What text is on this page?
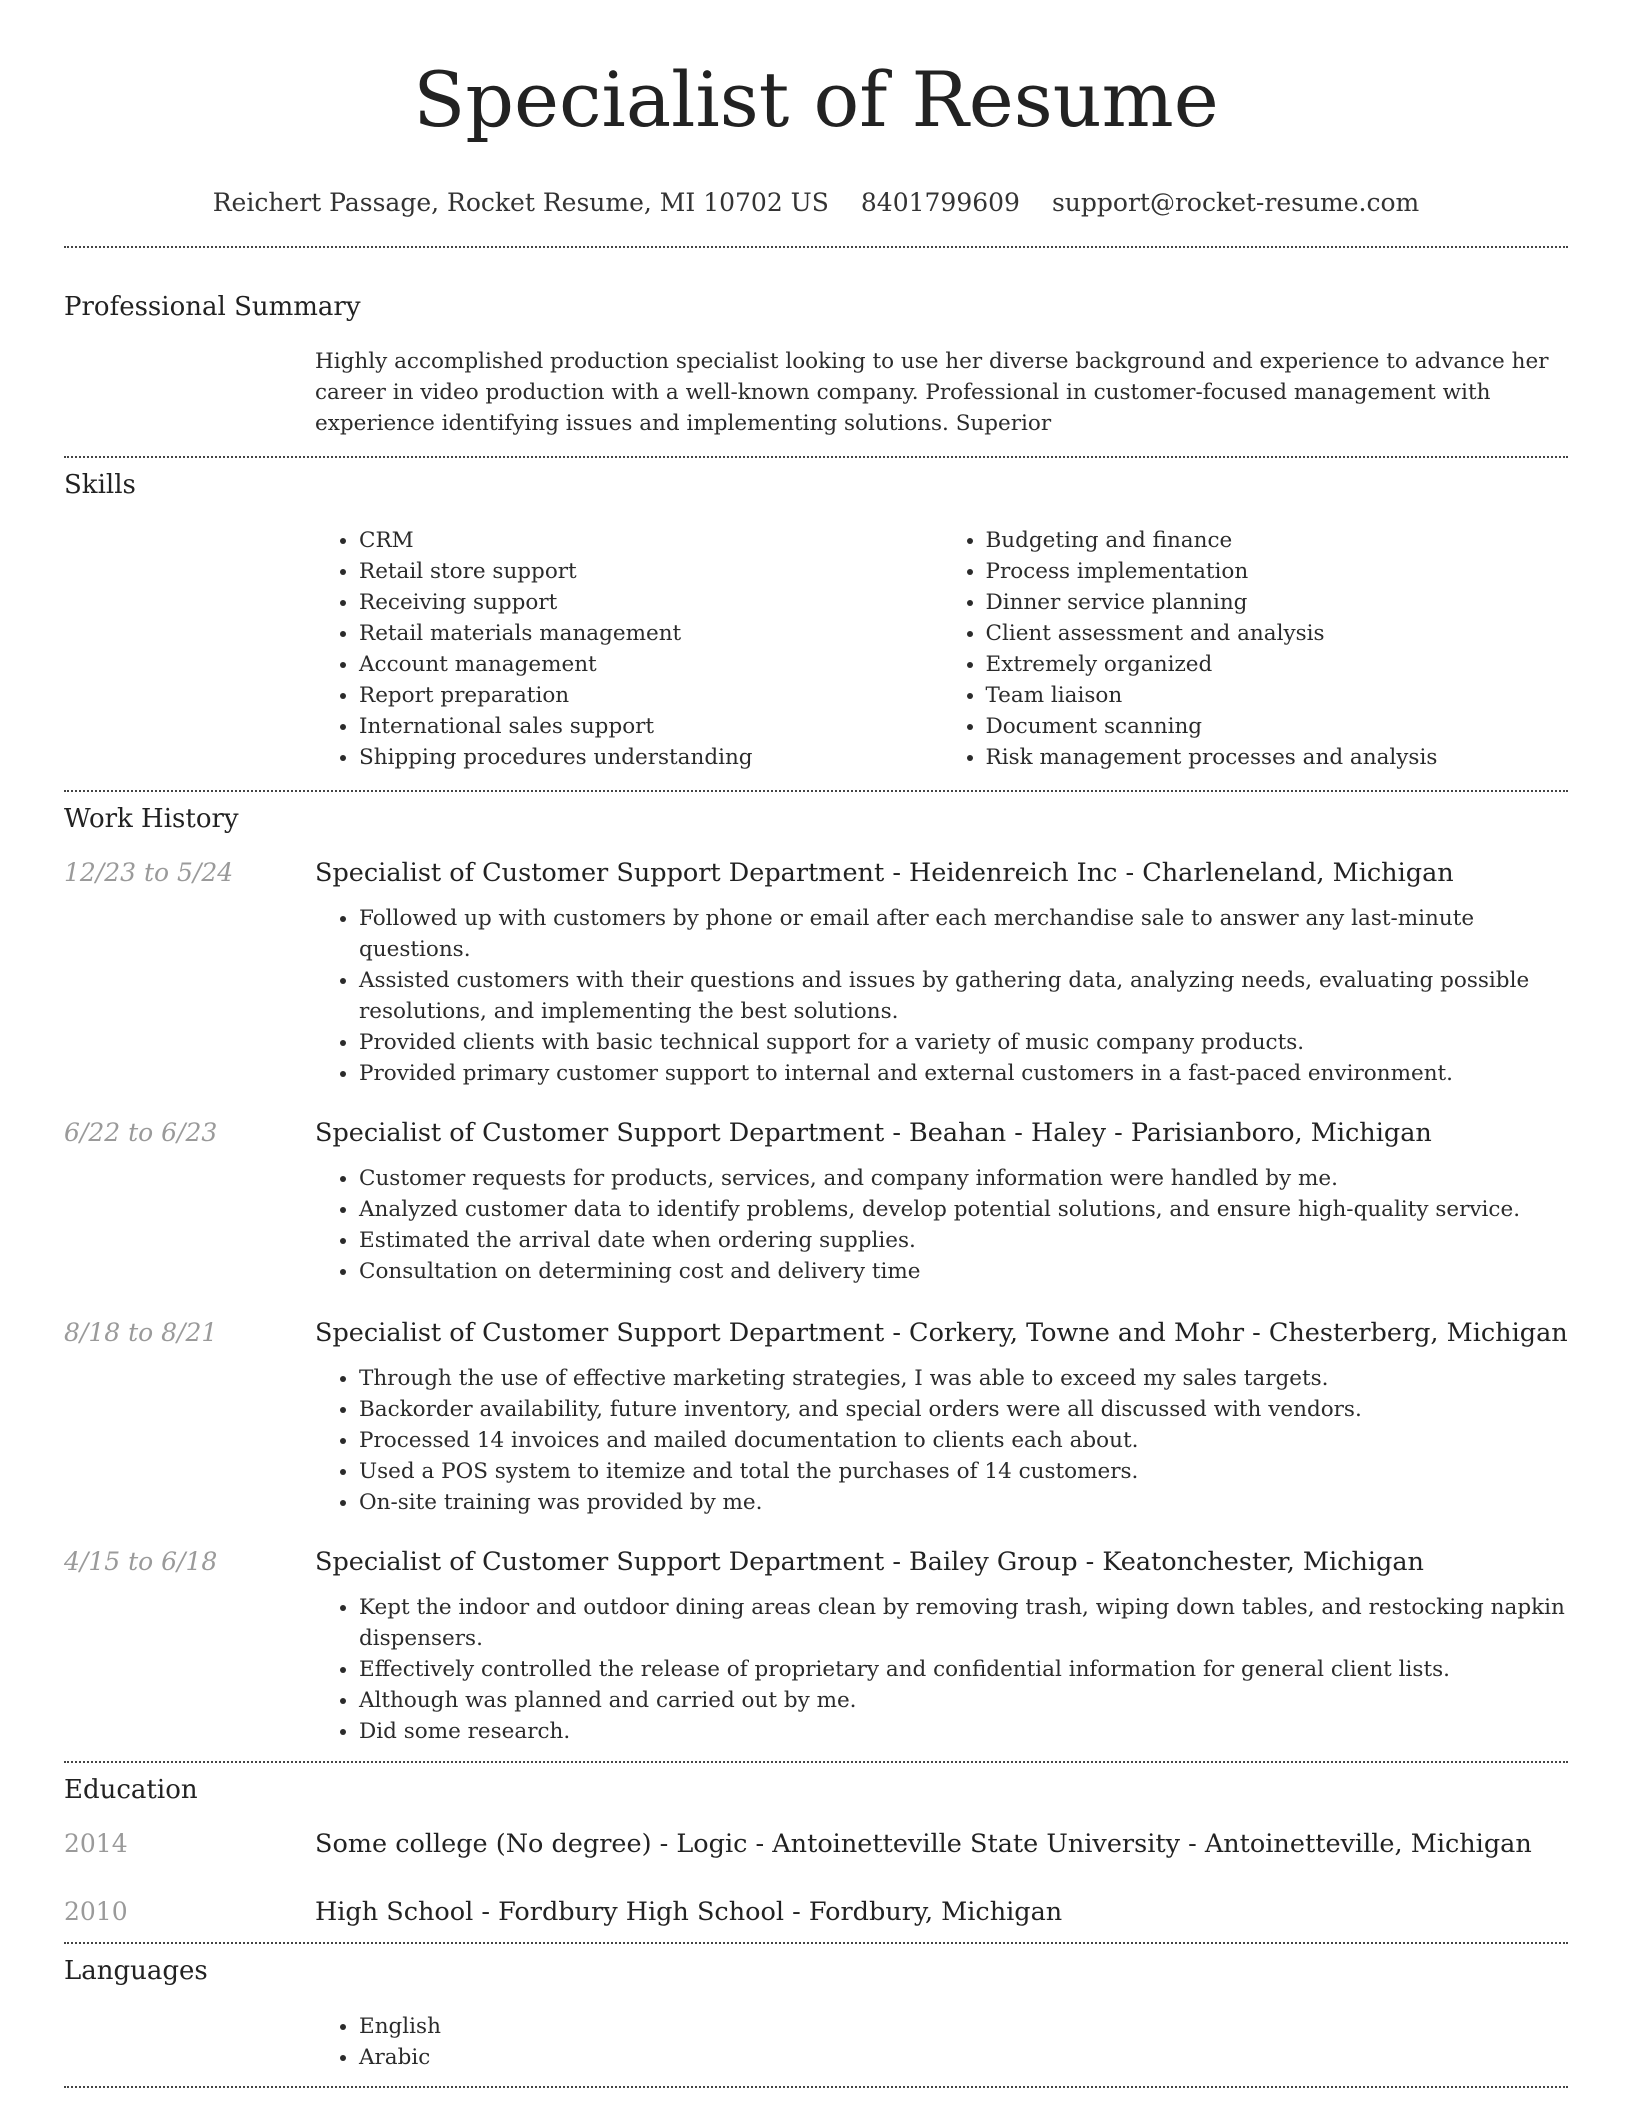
Specialist of Resume
Reichert Passage, Rocket Resume, MI 10702 US 8401799609 support@rocket-resume.com
Professional Summary
Highly accomplished production specialist looking to use her diverse background and experience to advance her career in video production with a well-known company. Professional in customer-focused management with experience identifying issues and implementing solutions. Superior
Skills
• CRM
• Retail store support
• Receiving support
• Retail materials management
• Account management
• Report preparation
• International sales support
• Shipping procedures understanding
• Budgeting and finance
• Process implementation
• Dinner service planning
• Client assessment and analysis
• Extremely organized
• Team liaison
• Document scanning
• Risk management processes and analysis
Work History
12/23 to 5/24	Specialist of Customer Support Department - Heidenreich Inc - Charleneland, Michigan
• Followed up with customers by phone or email after each merchandise sale to answer any last-minute questions.
• Assisted customers with their questions and issues by gathering data, analyzing needs, evaluating possible resolutions, and implementing the best solutions.
• Provided clients with basic technical support for a variety of music company products.
• Provided primary customer support to internal and external customers in a fast-paced environment.
6/22 to 6/23	Specialist of Customer Support Department - Beahan - Haley - Parisianboro, Michigan
• Customer requests for products, services, and company information were handled by me.
• Analyzed customer data to identify problems, develop potential solutions, and ensure high-quality service.
• Estimated the arrival date when ordering supplies.
• Consultation on determining cost and delivery time
8/18 to 8/21	Specialist of Customer Support Department - Corkery, Towne and Mohr - Chesterberg, Michigan
• Through the use of effective marketing strategies, I was able to exceed my sales targets.
• Backorder availability, future inventory, and special orders were all discussed with vendors.
• Processed 14 invoices and mailed documentation to clients each about.
• Used a POS system to itemize and total the purchases of 14 customers.
• On-site training was provided by me.
4/15 to 6/18	Specialist of Customer Support Department - Bailey Group - Keatonchester, Michigan
• Kept the indoor and outdoor dining areas clean by removing trash, wiping down tables, and restocking napkin dispensers.
• Effectively controlled the release of proprietary and confidential information for general client lists.
• Although was planned and carried out by me.
• Did some research.
Education
2014	Some college (No degree) - Logic - Antoinetteville State University - Antoinetteville, Michigan
2010	High School - Fordbury High School - Fordbury, Michigan
Languages
• English
• Arabic
